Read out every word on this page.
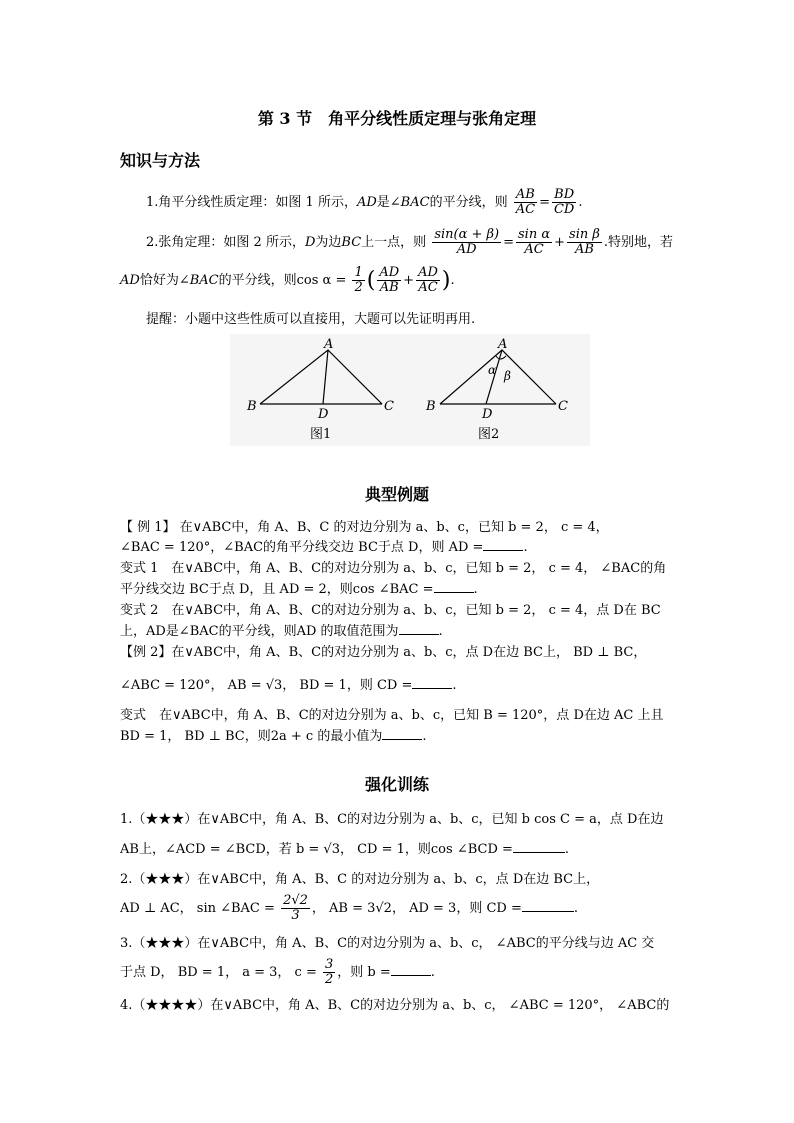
第 3 节　角平分线性质定理与张角定理
知识与方法
1.角平分线性质定理：如图 1 所示，AD是∠BAC的平分线，则 $\frac{AB}{AC} = \frac{BD}{CD}$ .
2.张角定理：如图 2 所示，D为边BC上一点，则 $\frac{\sin(\alpha + \beta)}{AD} = \frac{\text{sin α}}{AC} + \frac{\text{sin β}}{AB}$ .特别地，若
AD恰好为∠BAC的平分线，则$\cos \alpha = \frac{1}{2}$ ( $\frac{AD}{AB} + \frac{AD}{AC}$ ).
提醒：小题中这些性质可以直接用，大题可以先证明再用.
A
B	C
D
图1
A
B	C
D
α β
图2
典型例题
【 例 1】 在∨ABC中，角 A、B、C 的对边分别为 a、b、c，已知 b = 2， c = 4，
∠BAC = 120°，∠BAC的角平分线交边 BC于点 D，则 AD =	.
变式 1　在∨ABC中，角 A、B、C的对边分别为 a、b、c，已知 b = 2， c = 4， ∠BAC的角
平分线交边 BC于点 D，且 AD = 2，则cos ∠BAC =	.
变式 2　在∨ABC中，角 A、B、C的对边分别为 a、b、c，已知 b = 2， c = 4，点 D在 BC
上，AD是∠BAC的平分线，则AD 的取值范围为	.
【例 2】在∨ABC中，角 A、B、C的对边分别为 a、b、c，点 D在边 BC上， BD ⊥ BC，
∠ABC = 120°， AB = √3， BD = 1，则 CD =	.
变式　在∨ABC中，角 A、B、C的对边分别为 a、b、c，已知 B = 120°，点 D在边 AC 上且
BD = 1， BD ⊥ BC，则2a + c 的最小值为	.
强化训练
1.（★★★）在∨ABC中，角 A、B、C的对边分别为 a、b、c，已知 b cos C = a，点 D在边
AB上，∠ACD = ∠BCD，若 b = √3， CD = 1，则cos ∠BCD =	.
2.（★★★）在∨ABC中，角 A、B、C 的对边分别为 a、b、c，点 D在边 BC上，
AD ⊥ AC， sin ∠BAC = $\frac{2√2}{3}$ ， AB = 3√2， AD = 3，则 CD =	.
3.（★★★）在∨ABC中，角 A、B、C的对边分别为 a、b、c， ∠ABC的平分线与边 AC 交
于点 D， BD = 1， a = 3， $c = \frac{3}{2}$ ，则 b =	.
4.（★★★★）在∨ABC中，角 A、B、C的对边分别为 a、b、c， ∠ABC = 120°， ∠ABC的
